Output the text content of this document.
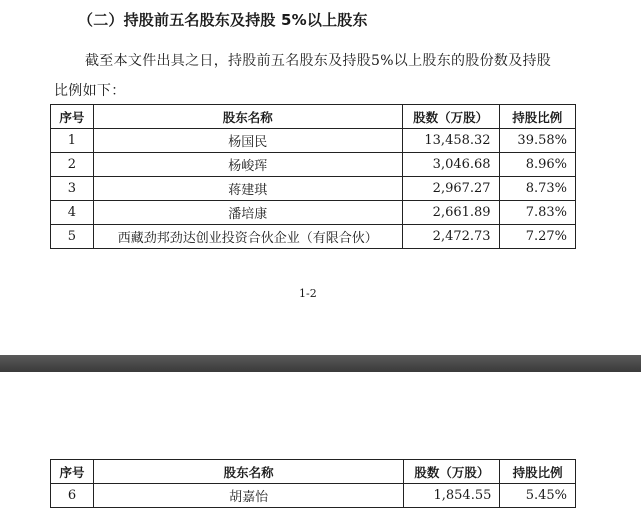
（二）持股前五名股东及持股 5%以上股东
截至本文件出具之日，持股前五名股东及持股5%以上股东的股份数及持股
比例如下：
序号	股东名称	股数（万股）	持股比例
1	杨国民	13,458.32	39.58%
2	杨峻珲	3,046.68	8.96%
3	蒋建琪	2,967.27	8.73%
4	潘培康	2,661.89	7.83%
5	西藏劲邦劲达创业投资合伙企业（有限合伙）	2,472.73	7.27%
1-2
序号	股东名称	股数（万股）	持股比例
6	胡嘉怡	1,854.55	5.45%
